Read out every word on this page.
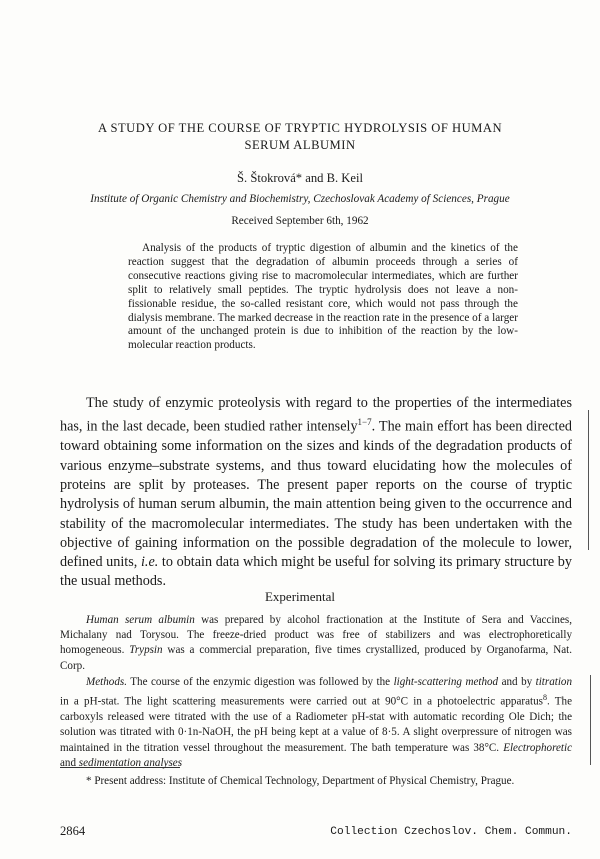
A STUDY OF THE COURSE OF TRYPTIC HYDROLYSIS OF HUMAN
SERUM ALBUMIN
Š. Štokrová* and B. Keil
Institute of Organic Chemistry and Biochemistry, Czechoslovak Academy of Sciences, Prague
Received September 6th, 1962

Analysis of the products of tryptic digestion of albumin and the kinetics of the reaction suggest that the degradation of albumin proceeds through a series of consecutive reactions giving rise to macromolecular intermediates, which are further split to relatively small peptides. The tryptic hydrolysis does not leave a non-fissionable residue, the so-called resistant core, which would not pass through the dialysis membrane. The marked decrease in the reaction rate in the presence of a larger amount of the unchanged protein is due to inhibition of the reaction by the low-molecular reaction products.

The study of enzymic proteolysis with regard to the properties of the intermediates has, in the last decade, been studied rather intensely$^{1-7}$. The main effort has been directed toward obtaining some information on the sizes and kinds of the degradation products of various enzyme–substrate systems, and thus toward elucidating how the molecules of proteins are split by proteases. The present paper reports on the course of tryptic hydrolysis of human serum albumin, the main attention being given to the occurrence and stability of the macromolecular intermediates. The study has been undertaken with the objective of gaining information on the possible degradation of the molecule to lower, defined units, i.e. to obtain data which might be useful for solving its primary structure by the usual methods.

Experimental

Human serum albumin was prepared by alcohol fractionation at the Institute of Sera and Vaccines, Michalany nad Torysou. The freeze-dried product was free of stabilizers and was electrophoretically homogeneous. Trypsin was a commercial preparation, five times crystallized, produced by Organofarma, Nat. Corp.

Methods. The course of the enzymic digestion was followed by the light-scattering method and by titration in a pH-stat. The light scattering measurements were carried out at 90°C in a photoelectric apparatus$^8$. The carboxyls released were titrated with the use of a Radiometer pH-stat with automatic recording Ole Dich; the solution was titrated with 0·1n-NaOH, the pH being kept at a value of 8·5. A slight overpressure of nitrogen was maintained in the titration vessel throughout the measurement. The bath temperature was 38°C. Electrophoretic and sedimentation analyses

* Present address: Institute of Chemical Technology, Department of Physical Chemistry, Prague.

2864	Collection Czechoslov. Chem. Commun.
